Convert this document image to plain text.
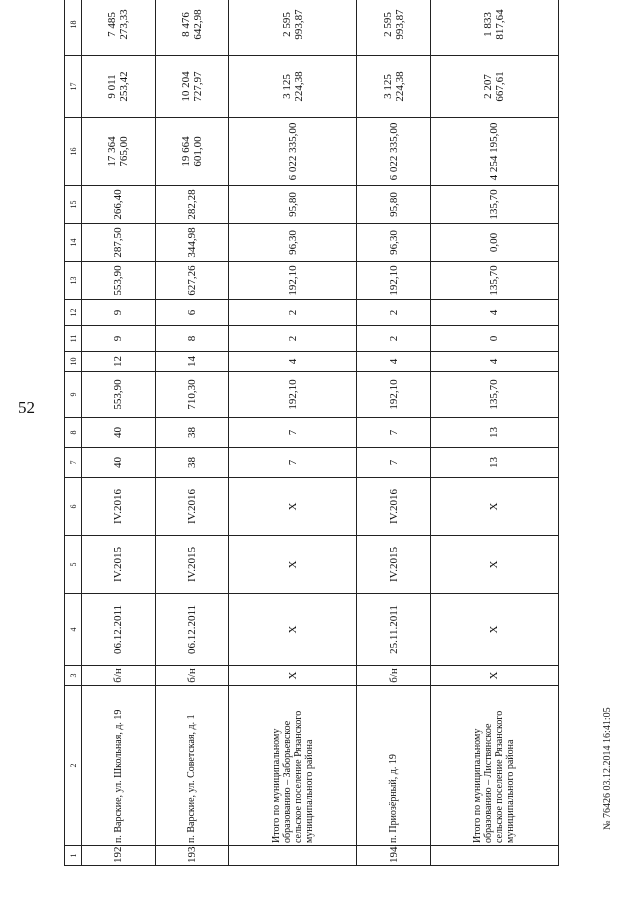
52
1	2	3	4	5	6	7	8	9	10	11	12	13	14	15	16	17	18			
192	п. Варские, ул. Школьная, д. 19	б/н	06.12.2011	IV.2015	IV.2016	40	40	553,90	12	9	9	553,90	287,50	266,40	17 364 765,00	9 011 253,42	7 485 273,33			
193	п. Варские, ул. Советская, д. 1	б/н	06.12.2011	IV.2015	IV.2016	38	38	710,30	14	8	6	627,26	344,98	282,28	19 664 601,00	10 204 727,97	8 476 642,98			
	Итого по муниципальному образованию – Заборьевское сельское поселение Рязанского муниципального района	X	X	X	X	7	7	192,10	4	2	2	192,10	96,30	95,80	6 022 335,00	3 125 224,38	2 595 993,87			
194	п. Приозёрный, д. 19	б/н	25.11.2011	IV.2015	IV.2016	7	7	192,10	4	2	2	192,10	96,30	95,80	6 022 335,00	3 125 224,38	2 595 993,87			
	Итого по муниципальному образованию – Листвянское сельское поселение Рязанского муниципального района	X	X	X	X	13	13	135,70	4	0	4	135,70	0,00	135,70	4 254 195,00	2 207 667,61	1 833 817,64			
№ 76426 03.12.2014 16:41:05
